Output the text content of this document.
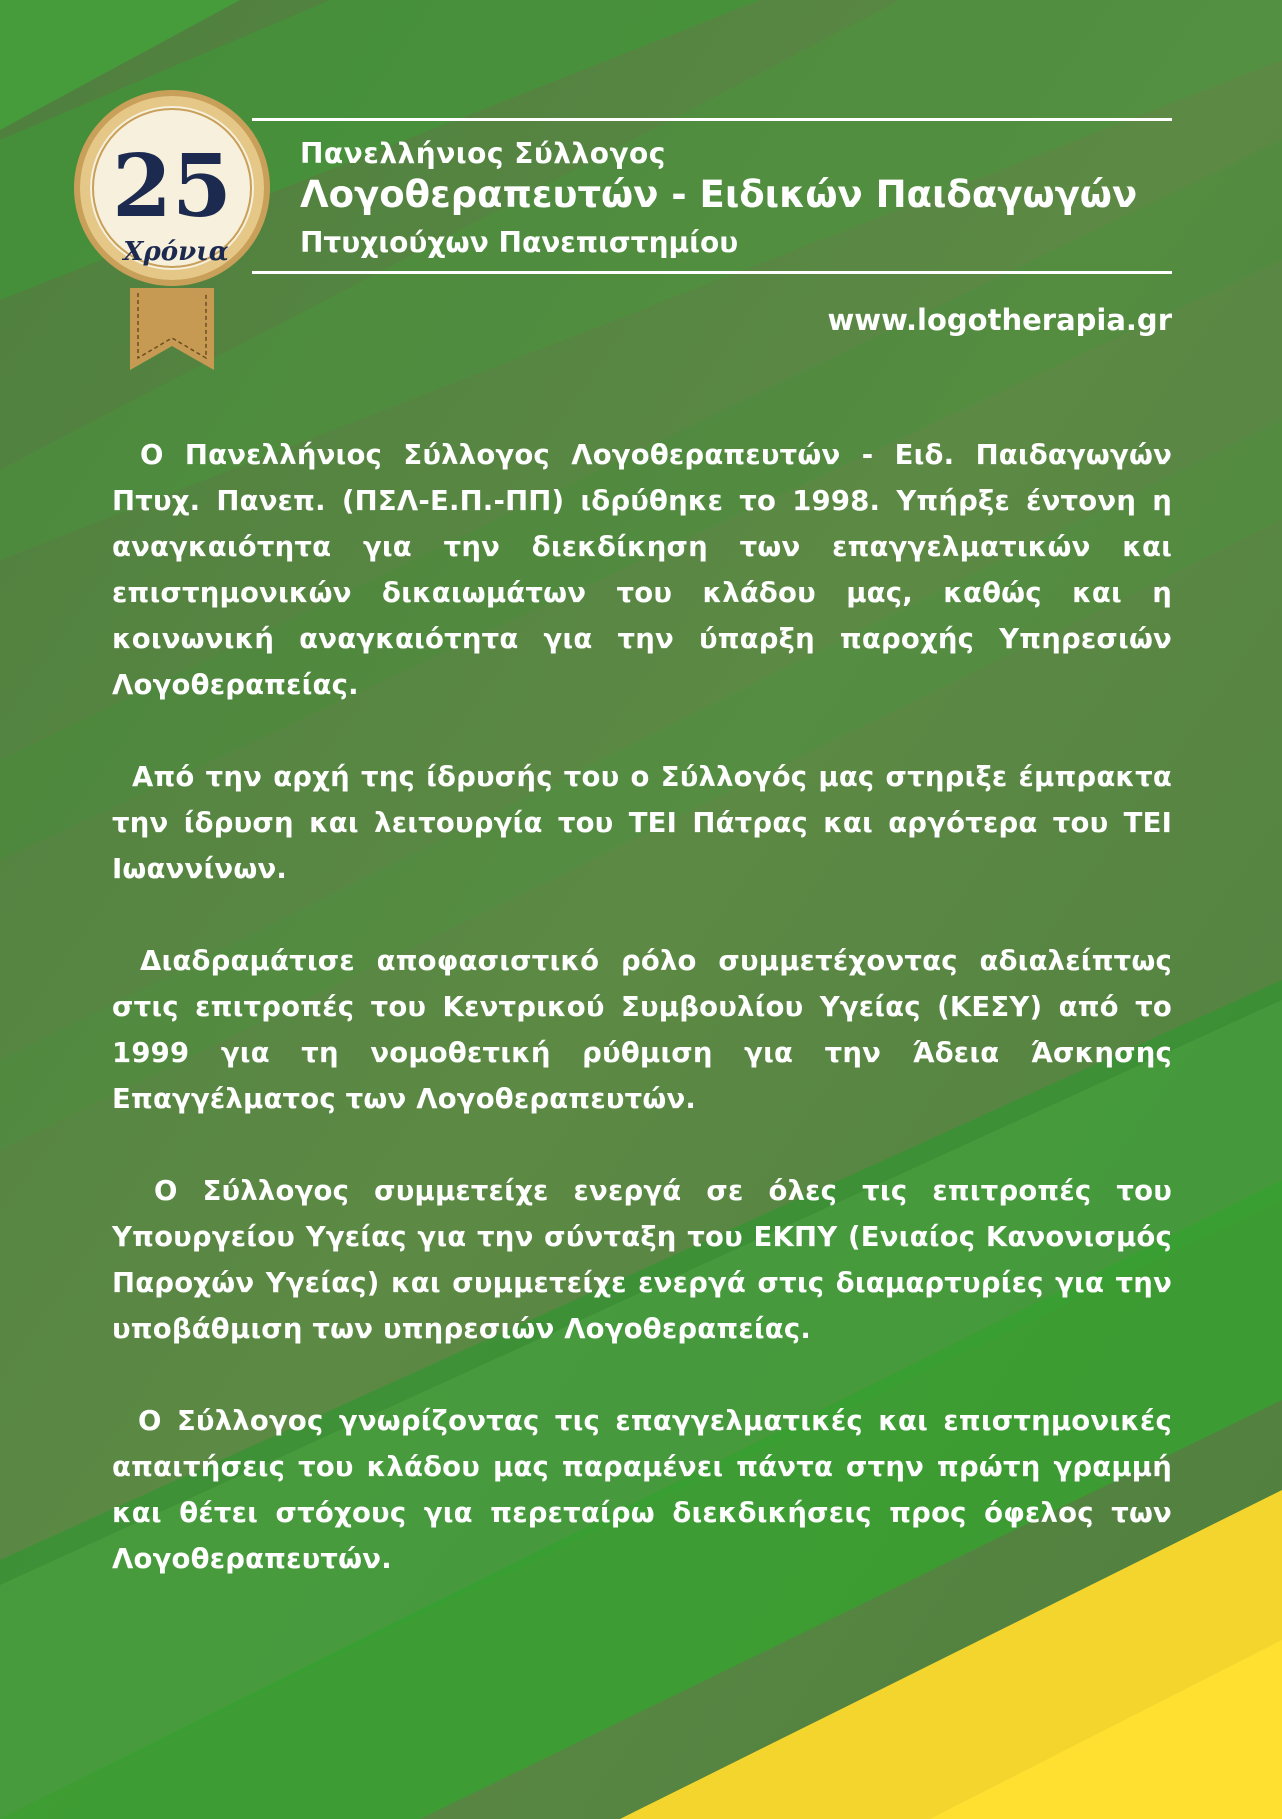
25
Χρόνια
Πανελλήνιος Σύλλογος
Λογοθεραπευτών - Ειδικών Παιδαγωγών
Πτυχιούχων Πανεπιστημίου
www.logotherapia.gr

Ο Πανελλήνιος Σύλλογος Λογοθεραπευτών - Ειδ. Παιδαγωγών Πτυχ. Πανεπ. (ΠΣΛ-Ε.Π.-ΠΠ) ιδρύθηκε το 1998. Υπήρξε έντονη η αναγκαιότητα για την διεκδίκηση των επαγγελματικών και επιστημονικών δικαιωμάτων του κλάδου μας, καθώς και η κοινωνική αναγκαιότητα για την ύπαρξη παροχής Υπηρεσιών Λογοθεραπείας.

Από την αρχή της ίδρυσής του ο Σύλλογός μας στηριξε έμπρακτα την ίδρυση και λειτουργία του ΤΕΙ Πάτρας και αργότερα του ΤΕΙ Ιωαννίνων.

Διαδραμάτισε αποφασιστικό ρόλο συμμετέχοντας αδιαλείπτως στις επιτροπές του Κεντρικού Συμβουλίου Υγείας (ΚΕΣΥ) από το 1999 για τη νομοθετική ρύθμιση για την Άδεια Άσκησης Επαγγέλματος των Λογοθεραπευτών.

Ο Σύλλογος συμμετείχε ενεργά σε όλες τις επιτροπές του Υπουργείου Υγείας για την σύνταξη του ΕΚΠΥ (Ενιαίος Κανονισμός Παροχών Υγείας) και συμμετείχε ενεργά στις διαμαρτυρίες για την υποβάθμιση των υπηρεσιών Λογοθεραπείας.

Ο Σύλλογος γνωρίζοντας τις επαγγελματικές και επιστημονικές απαιτήσεις του κλάδου μας παραμένει πάντα στην πρώτη γραμμή και θέτει στόχους για περεταίρω διεκδικήσεις προς όφελος των Λογοθεραπευτών.
